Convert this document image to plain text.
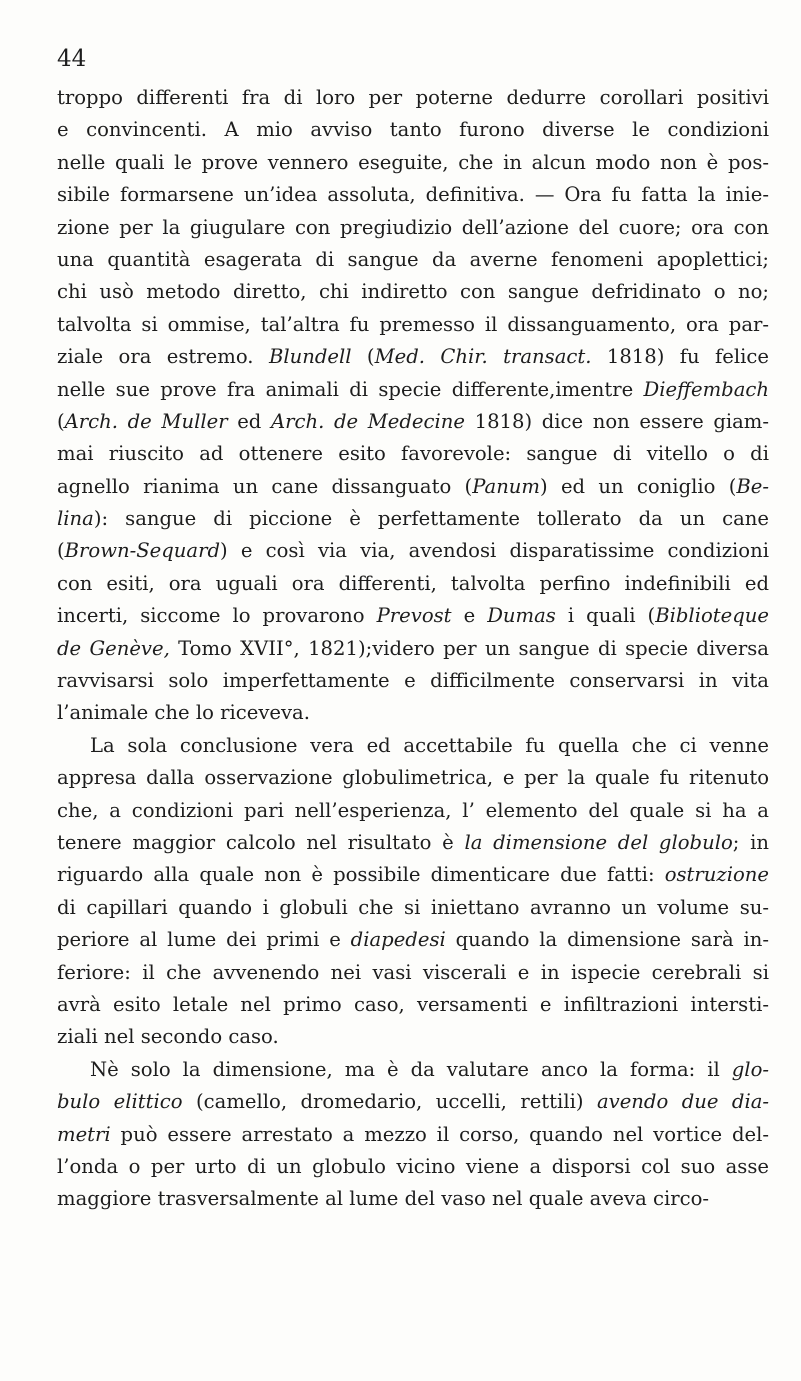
44
troppo differenti fra di loro per poterne dedurre corollari positivi
e convincenti. A mio avviso tanto furono diverse le condizioni
nelle quali le prove vennero eseguite, che in alcun modo non è pos-
sibile formarsene un’idea assoluta, definitiva. — Ora fu fatta la inie-
zione per la giugulare con pregiudizio dell’azione del cuore; ora con
una quantità esagerata di sangue da averne fenomeni apoplettici;
chi usò metodo diretto, chi indiretto con sangue defridinato o no;
talvolta si ommise, tal’altra fu premesso il dissanguamento, ora par-
ziale ora estremo. Blundell (Med. Chir. transact. 1818) fu felice
nelle sue prove fra animali di specie differente,imentre Dieffembach
(Arch. de Muller ed Arch. de Medecine 1818) dice non essere giam-
mai riuscito ad ottenere esito favorevole: sangue di vitello o di
agnello rianima un cane dissanguato (Panum) ed un coniglio (Be-
lina): sangue di piccione è perfettamente tollerato da un cane
(Brown-Sequard) e così via via, avendosi disparatissime condizioni
con esiti, ora uguali ora differenti, talvolta perfino indefinibili ed
incerti, siccome lo provarono Prevost e Dumas i quali (Biblioteque
de Genève, Tomo XVII°, 1821);videro per un sangue di specie diversa
ravvisarsi solo imperfettamente e difficilmente conservarsi in vita
l’animale che lo riceveva.
La sola conclusione vera ed accettabile fu quella che ci venne
appresa dalla osservazione globulimetrica, e per la quale fu ritenuto
che, a condizioni pari nell’esperienza, l’ elemento del quale si ha a
tenere maggior calcolo nel risultato è la dimensione del globulo; in
riguardo alla quale non è possibile dimenticare due fatti: ostruzione
di capillari quando i globuli che si iniettano avranno un volume su-
periore al lume dei primi e diapedesi quando la dimensione sarà in-
feriore: il che avvenendo nei vasi viscerali e in ispecie cerebrali si
avrà esito letale nel primo caso, versamenti e infiltrazioni intersti-
ziali nel secondo caso.
Nè solo la dimensione, ma è da valutare anco la forma: il glo-
bulo elittico (camello, dromedario, uccelli, rettili) avendo due dia-
metri può essere arrestato a mezzo il corso, quando nel vortice del-
l’onda o per urto di un globulo vicino viene a disporsi col suo asse
maggiore trasversalmente al lume del vaso nel quale aveva circo-
